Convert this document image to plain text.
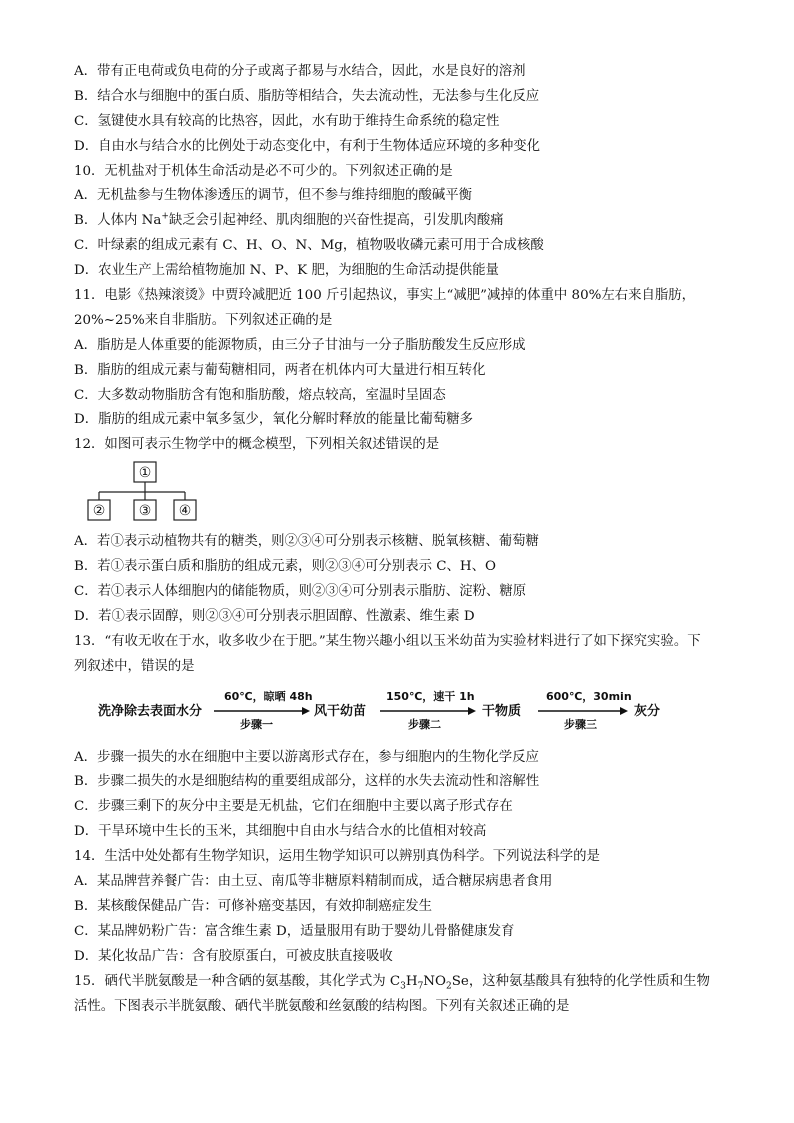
A．带有正电荷或负电荷的分子或离子都易与水结合，因此，水是良好的溶剂
B．结合水与细胞中的蛋白质、脂肪等相结合，失去流动性，无法参与生化反应
C．氢键使水具有较高的比热容，因此，水有助于维持生命系统的稳定性
D．自由水与结合水的比例处于动态变化中，有利于生物体适应环境的多种变化
10．无机盐对于机体生命活动是必不可少的。下列叙述正确的是
A．无机盐参与生物体渗透压的调节，但不参与维持细胞的酸碱平衡
B．人体内 Na+缺乏会引起神经、肌肉细胞的兴奋性提高，引发肌肉酸痛
C．叶绿素的组成元素有 C、H、O、N、Mg，植物吸收磷元素可用于合成核酸
D．农业生产上需给植物施加 N、P、K 肥，为细胞的生命活动提供能量
11．电影《热辣滚烫》中贾玲减肥近 100 斤引起热议，事实上“减肥”减掉的体重中 80%左右来自脂肪，
20%~25%来自非脂肪。下列叙述正确的是
A．脂肪是人体重要的能源物质，由三分子甘油与一分子脂肪酸发生反应形成
B．脂肪的组成元素与葡萄糖相同，两者在机体内可大量进行相互转化
C．大多数动物脂肪含有饱和脂肪酸，熔点较高，室温时呈固态
D．脂肪的组成元素中氧多氢少，氧化分解时释放的能量比葡萄糖多
12．如图可表示生物学中的概念模型，下列相关叙述错误的是
①
② ③ ④
A．若①表示动植物共有的糖类，则②③④可分别表示核糖、脱氧核糖、葡萄糖
B．若①表示蛋白质和脂肪的组成元素，则②③④可分别表示 C、H、O
C．若①表示人体细胞内的储能物质，则②③④可分别表示脂肪、淀粉、糖原
D．若①表示固醇，则②③④可分别表示胆固醇、性激素、维生素 D
13．“有收无收在于水，收多收少在于肥。”某生物兴趣小组以玉米幼苗为实验材料进行了如下探究实验。下
列叙述中，错误的是
洗净除去表面水分
60℃，晾晒 48h
步骤一
风干幼苗
150℃，速干 1h
步骤二
干物质
600℃，30min
步骤三
灰分
A．步骤一损失的水在细胞中主要以游离形式存在，参与细胞内的生物化学反应
B．步骤二损失的水是细胞结构的重要组成部分，这样的水失去流动性和溶解性
C．步骤三剩下的灰分中主要是无机盐，它们在细胞中主要以离子形式存在
D．干旱环境中生长的玉米，其细胞中自由水与结合水的比值相对较高
14．生活中处处都有生物学知识，运用生物学知识可以辨别真伪科学。下列说法科学的是
A．某品牌营养餐广告：由土豆、南瓜等非糖原料精制而成，适合糖尿病患者食用
B．某核酸保健品广告：可修补癌变基因，有效抑制癌症发生
C．某品牌奶粉广告：富含维生素 D，适量服用有助于婴幼儿骨骼健康发育
D．某化妆品广告：含有胶原蛋白，可被皮肤直接吸收
15．硒代半胱氨酸是一种含硒的氨基酸，其化学式为 $C_3H_7NO_2Se$，这种氨基酸具有独特的化学性质和生物
活性。下图表示半胱氨酸、硒代半胱氨酸和丝氨酸的结构图。下列有关叙述正确的是
